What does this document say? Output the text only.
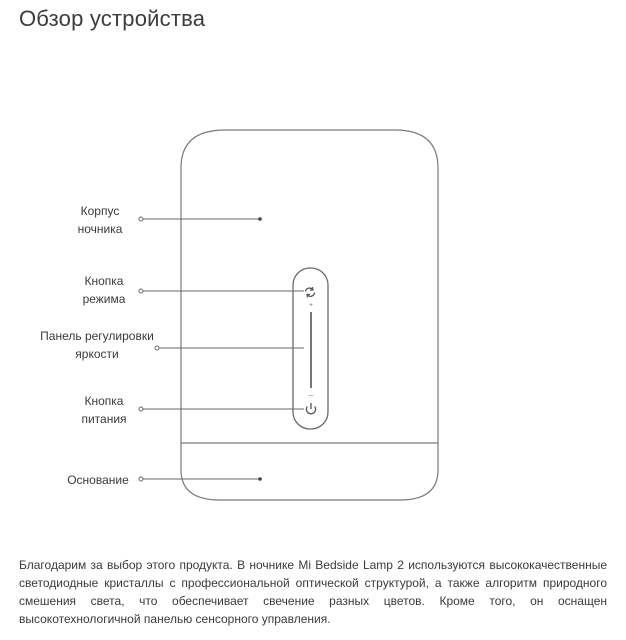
Обзор устройства
+
–
Корпус
ночника
Кнопка
режима
Панель регулировки
яркости
Кнопка
питания
Основание

Благодарим за выбор этого продукта. В ночнике Mi Bedside Lamp 2 используются высококачественные светодиодные кристаллы с профессиональной оптической структурой, а также алгоритм природного смешения света, что обеспечивает свечение разных цветов. Кроме того, он оснащен высокотехнологичной панелью сенсорного управления.
